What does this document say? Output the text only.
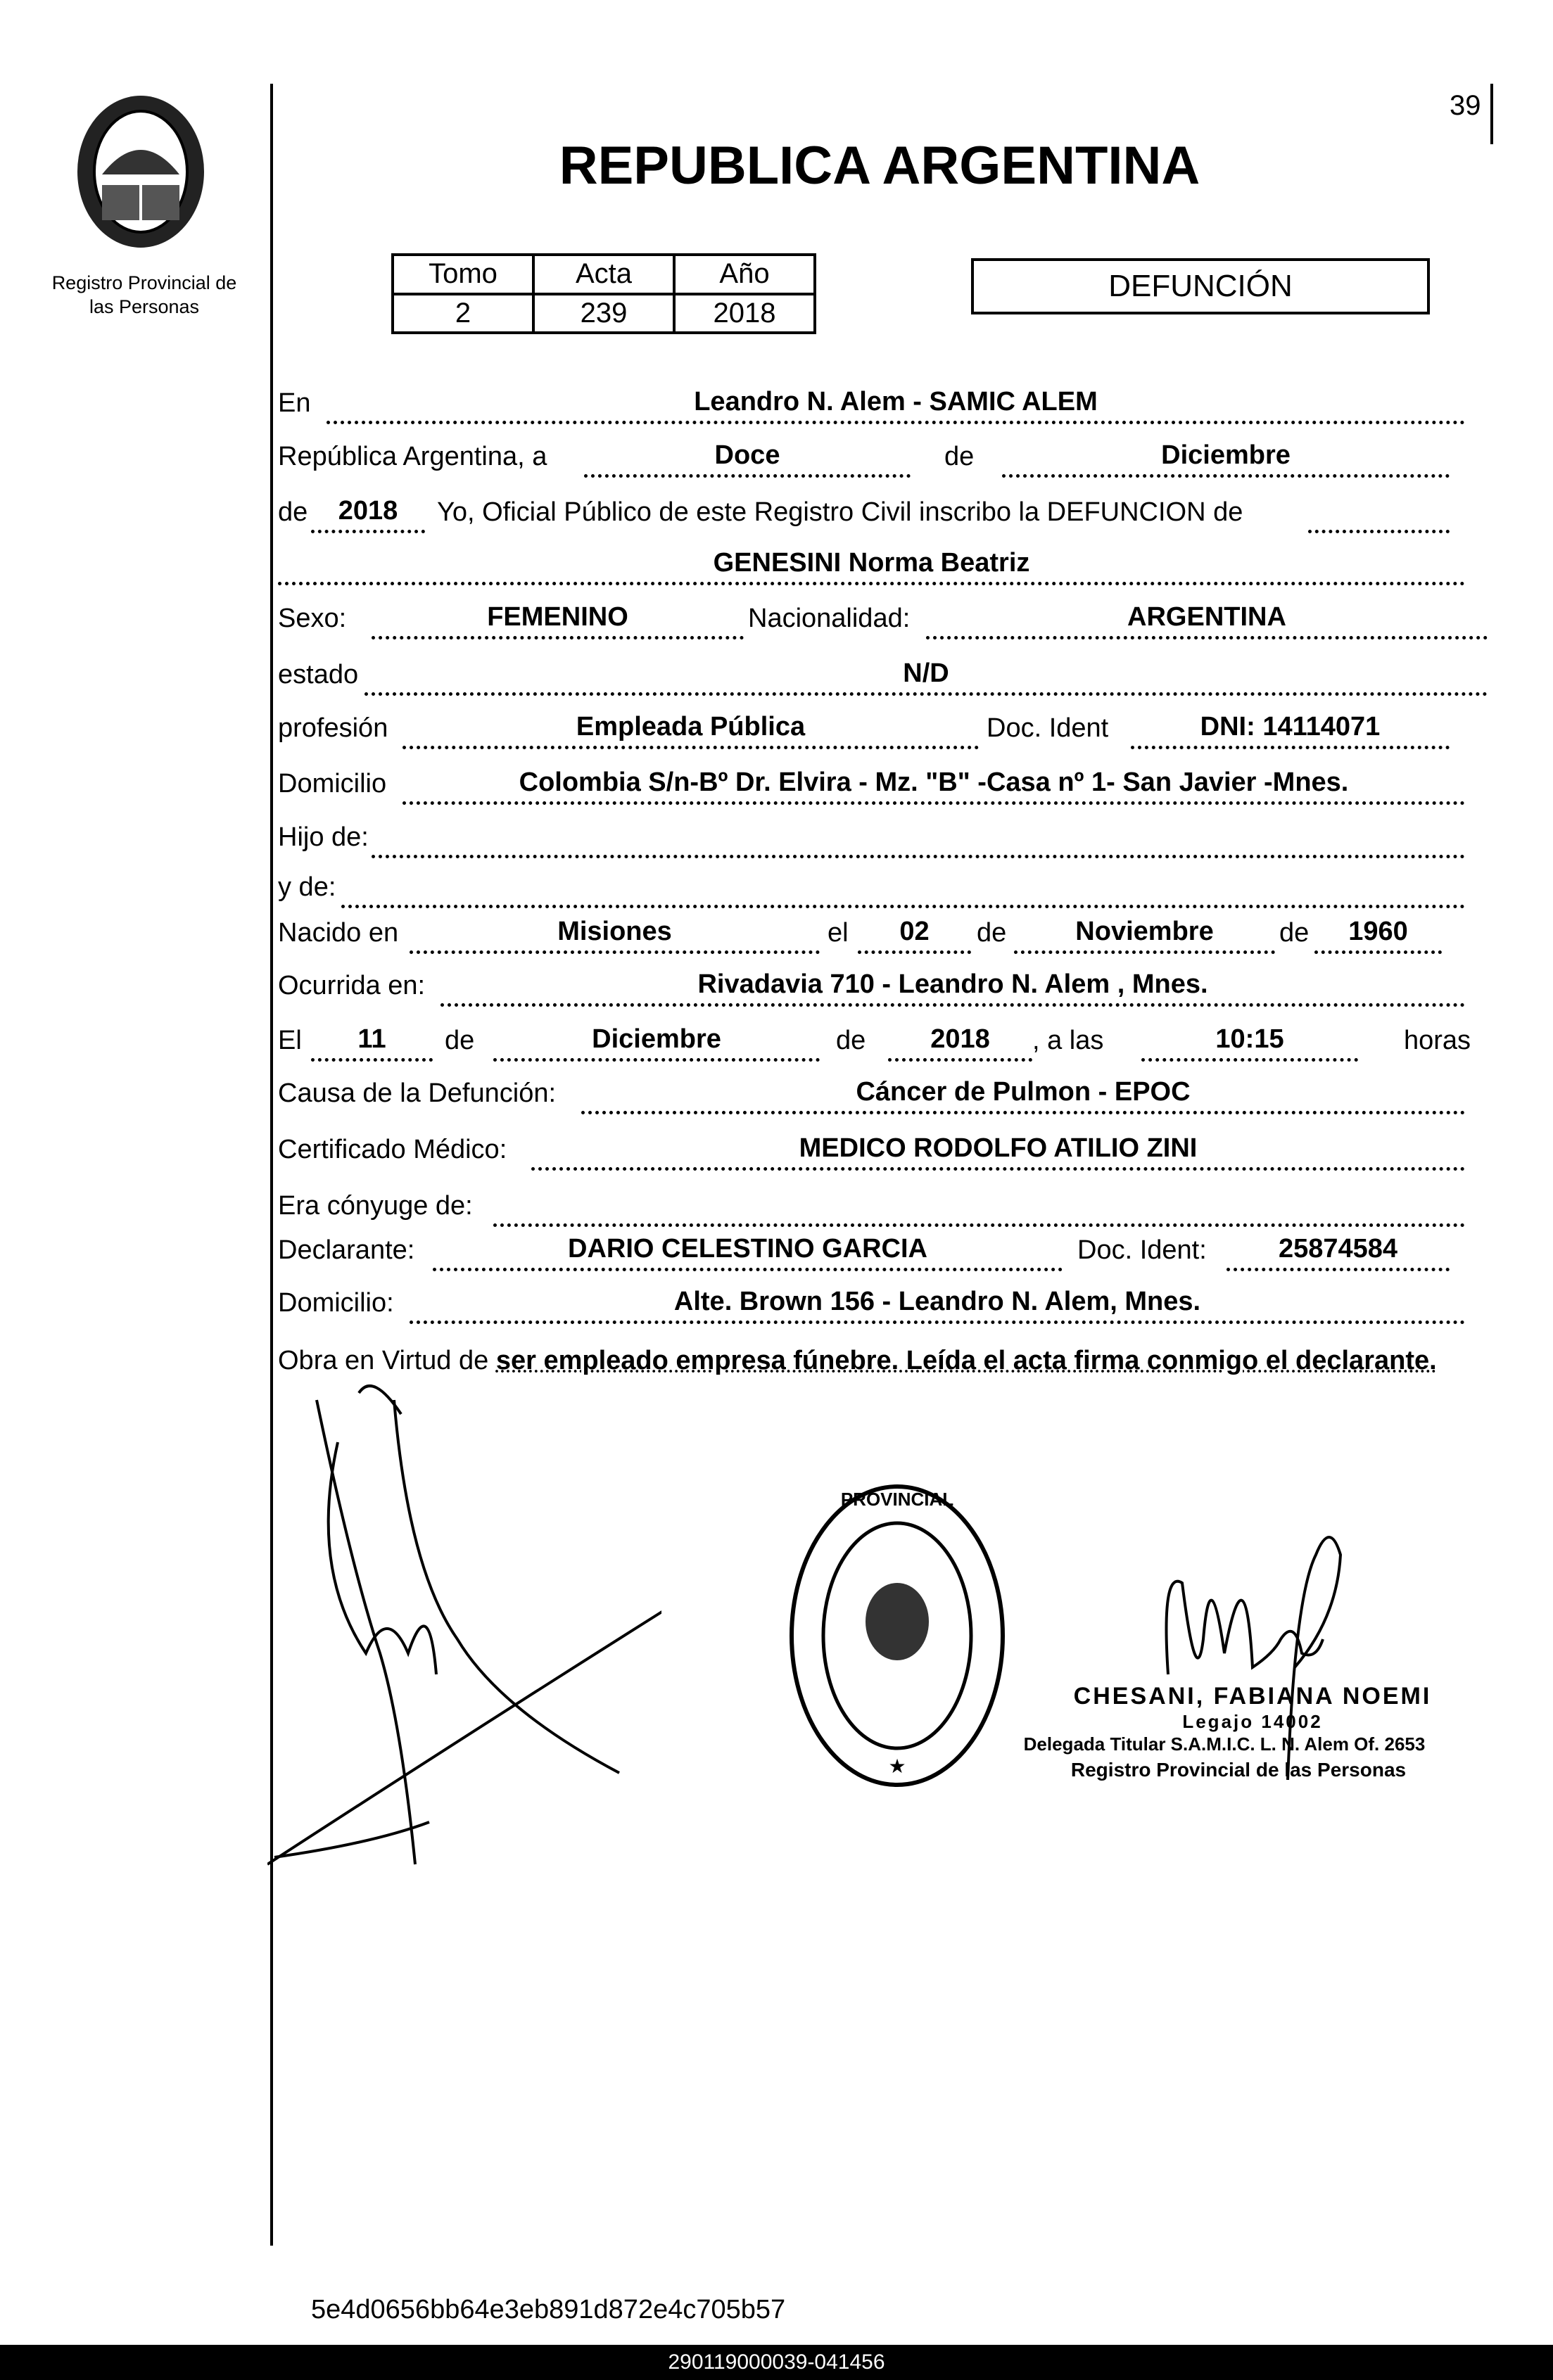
39
Registro Provincial de
las Personas
REPUBLICA ARGENTINA
Tomo	Acta	Año
2	239	2018
DEFUNCIÓN
En	Leandro N. Alem - SAMIC ALEM
República Argentina, a	Doce	de	Diciembre
de	2018	Yo, Oficial Público de este Registro Civil inscribo la DEFUNCION de
GENESINI Norma Beatriz
Sexo:	FEMENINO	Nacionalidad:	ARGENTINA
estado	N/D
profesión	Empleada Pública	Doc. Ident	DNI: 14114071
Domicilio	Colombia S/n-Bº Dr. Elvira - Mz. "B" -Casa nº 1- San Javier -Mnes.
Hijo de:
y de:
Nacido en	Misiones	el	02	de	Noviembre	de	1960
Ocurrida en:	Rivadavia 710 - Leandro N. Alem , Mnes.
El	11	de	Diciembre	de	2018	, a las	10:15	horas
Causa de la Defunción:	Cáncer de Pulmon - EPOC
Certificado Médico:	MEDICO RODOLFO ATILIO ZINI
Era cónyuge de:
Declarante:	DARIO CELESTINO GARCIA	Doc. Ident:	25874584
Domicilio:	Alte. Brown 156 - Leandro N. Alem, Mnes.
Obra en Virtud de ser empleado empresa fúnebre. Leída el acta firma conmigo el declarante.
PROVINCIAL
★
CHESANI, FABIANA NOEMI
Legajo 14002
Delegada Titular S.A.M.I.C. L. N. Alem Of. 2653
Registro Provincial de las Personas
5e4d0656bb64e3eb891d872e4c705b57
290119000039-041456
